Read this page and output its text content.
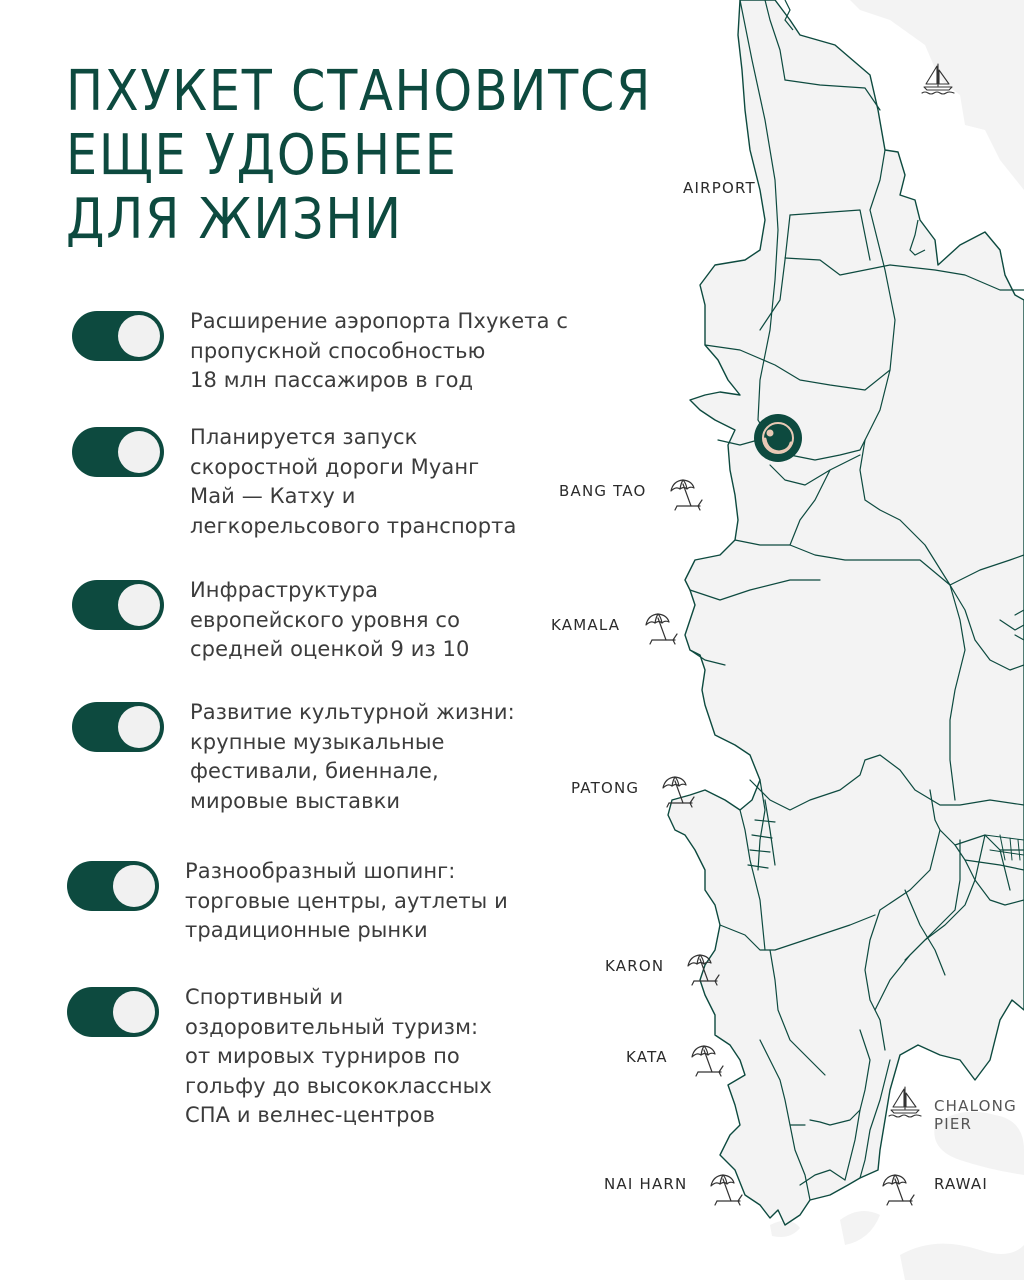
ПХУКЕТ СТАНОВИТСЯ
ЕЩЕ УДОБНЕЕ
ДЛЯ ЖИЗНИ
Расширение аэропорта Пхукета с
пропускной способностью
18 млн пассажиров в год
Планируется запуск
скоростной дороги Муанг
Май — Катху и
легкорельсового транспорта
Инфраструктура
европейского уровня со
средней оценкой 9 из 10
Развитие культурной жизни:
крупные музыкальные
фестивали, биеннале,
мировые выставки
Разнообразный шопинг:
торговые центры, аутлеты и
традиционные рынки
Спортивный и
оздоровительный туризм:
от мировых турниров по
гольфу до высококлассных
СПА и велнес-центров
AIRPORT
BANG TAO
KAMALA
PATONG
KARON
KATA
NAI HARN	RAWAI
CHALONG
PIER
